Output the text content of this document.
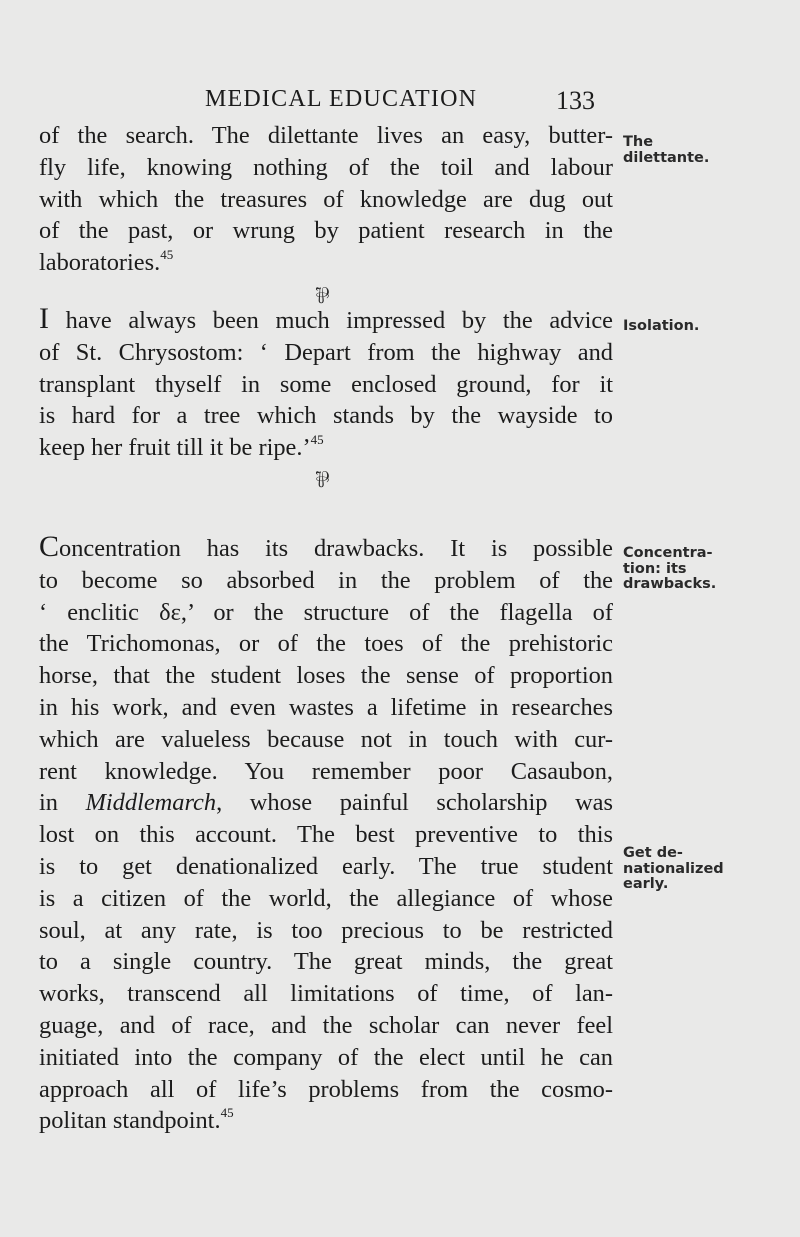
MEDICAL EDUCATION	133
of the search. The dilettante lives an easy, butter-
fly life, knowing nothing of the toil and labour
with which the treasures of knowledge are dug out
of the past, or wrung by patient research in the
laboratories.$^{45}$
⅌
I have always been much impressed by the advice
of St. Chrysostom: ‘ Depart from the highway and
transplant thyself in some enclosed ground, for it
is hard for a tree which stands by the wayside to
keep her fruit till it be ripe.’$^{45}$
⅌
Concentration has its drawbacks. It is possible
to become so absorbed in the problem of the
‘ enclitic δε,’ or the structure of the flagella of
the Trichomonas, or of the toes of the prehistoric
horse, that the student loses the sense of proportion
in his work, and even wastes a lifetime in researches
which are valueless because not in touch with cur-
rent knowledge. You remember poor Casaubon,
in Middlemarch, whose painful scholarship was
lost on this account. The best preventive to this
is to get denationalized early. The true student
is a citizen of the world, the allegiance of whose
soul, at any rate, is too precious to be restricted
to a single country. The great minds, the great
works, transcend all limitations of time, of lan-
guage, and of race, and the scholar can never feel
initiated into the company of the elect until he can
approach all of life’s problems from the cosmo-
politan standpoint.$^{45}$
The
dilettante.
Isolation.
Concentra-
tion: its
drawbacks.
Get de-
nationalized
early.
